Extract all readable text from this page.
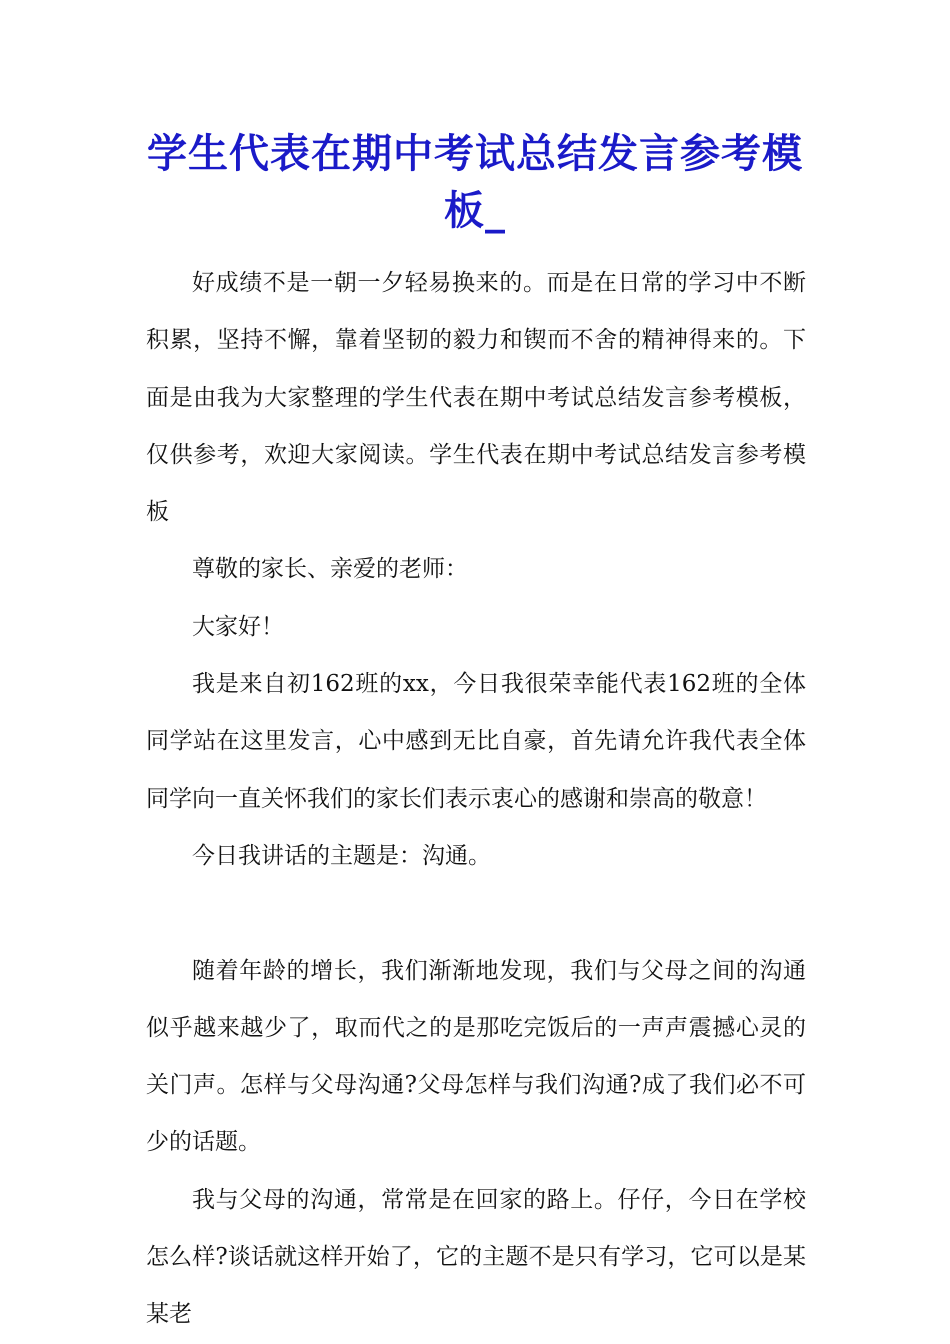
学生代表在期中考试总结发言参考模板_

好成绩不是一朝一夕轻易换来的。而是在日常的学习中不断积累，坚持不懈，靠着坚韧的毅力和锲而不舍的精神得来的。下面是由我为大家整理的学生代表在期中考试总结发言参考模板，仅供参考，欢迎大家阅读。学生代表在期中考试总结发言参考模板

尊敬的家长、亲爱的老师：

大家好！

我是来自初162班的xx，今日我很荣幸能代表162班的全体同学站在这里发言，心中感到无比自豪，首先请允许我代表全体同学向一直关怀我们的家长们表示衷心的感谢和崇高的敬意！

今日我讲话的主题是：沟通。

随着年龄的增长，我们渐渐地发现，我们与父母之间的沟通似乎越来越少了，取而代之的是那吃完饭后的一声声震撼心灵的关门声。怎样与父母沟通?父母怎样与我们沟通?成了我们必不可少的话题。

我与父母的沟通，常常是在回家的路上。仔仔，今日在学校怎么样?谈话就这样开始了，它的主题不是只有学习，它可以是某某老
